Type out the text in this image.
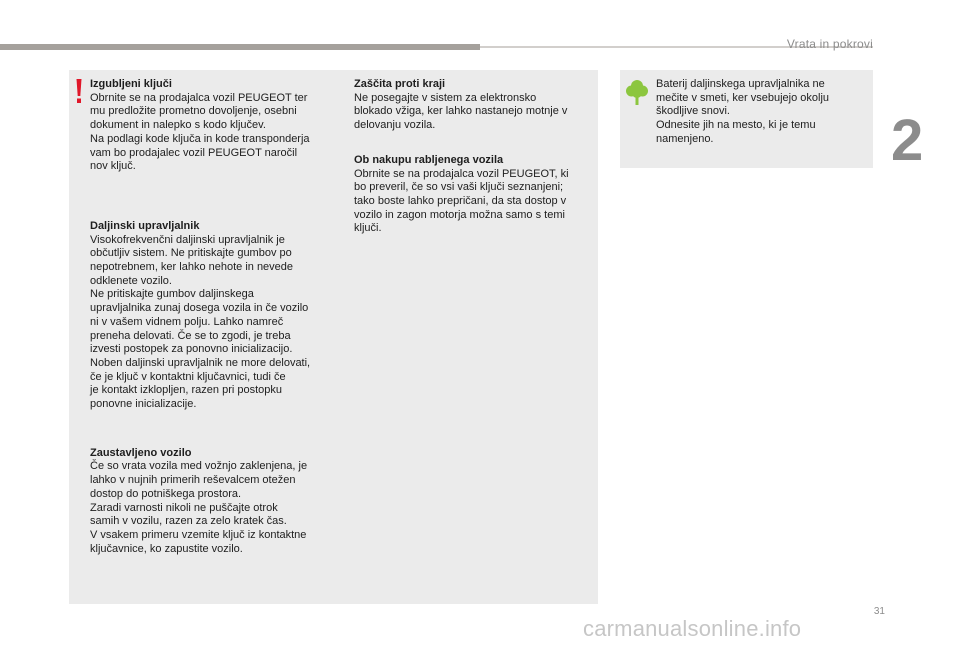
Vrata in pokrovi
2
Izgubljeni ključi
Obrnite se na prodajalca vozil PEUGEOT ter
mu predložite prometno dovoljenje, osebni
dokument in nalepko s kodo ključev.
Na podlagi kode ključa in kode transponderja
vam bo prodajalec vozil PEUGEOT naročil
nov ključ.
Daljinski upravljalnik
Visokofrekvenčni daljinski upravljalnik je
občutljiv sistem. Ne pritiskajte gumbov po
nepotrebnem, ker lahko nehote in nevede
odklenete vozilo.
Ne pritiskajte gumbov daljinskega
upravljalnika zunaj dosega vozila in če vozilo
ni v vašem vidnem polju. Lahko namreč
preneha delovati. Če se to zgodi, je treba
izvesti postopek za ponovno inicializacijo.
Noben daljinski upravljalnik ne more delovati,
če je ključ v kontaktni ključavnici, tudi če
je kontakt izklopljen, razen pri postopku
ponovne inicializacije.
Zaustavljeno vozilo
Če so vrata vozila med vožnjo zaklenjena, je
lahko v nujnih primerih reševalcem otežen
dostop do potniškega prostora.
Zaradi varnosti nikoli ne puščajte otrok
samih v vozilu, razen za zelo kratek čas.
V vsakem primeru vzemite ključ iz kontaktne
ključavnice, ko zapustite vozilo.
Zaščita proti kraji
Ne posegajte v sistem za elektronsko
blokado vžiga, ker lahko nastanejo motnje v
delovanju vozila.
Ob nakupu rabljenega vozila
Obrnite se na prodajalca vozil PEUGEOT, ki
bo preveril, če so vsi vaši ključi seznanjeni;
tako boste lahko prepričani, da sta dostop v
vozilo in zagon motorja možna samo s temi
ključi.
Baterij daljinskega upravljalnika ne
mečite v smeti, ker vsebujejo okolju
škodljive snovi.
Odnesite jih na mesto, ki je temu
namenjeno.
31
carmanualsonline.info
